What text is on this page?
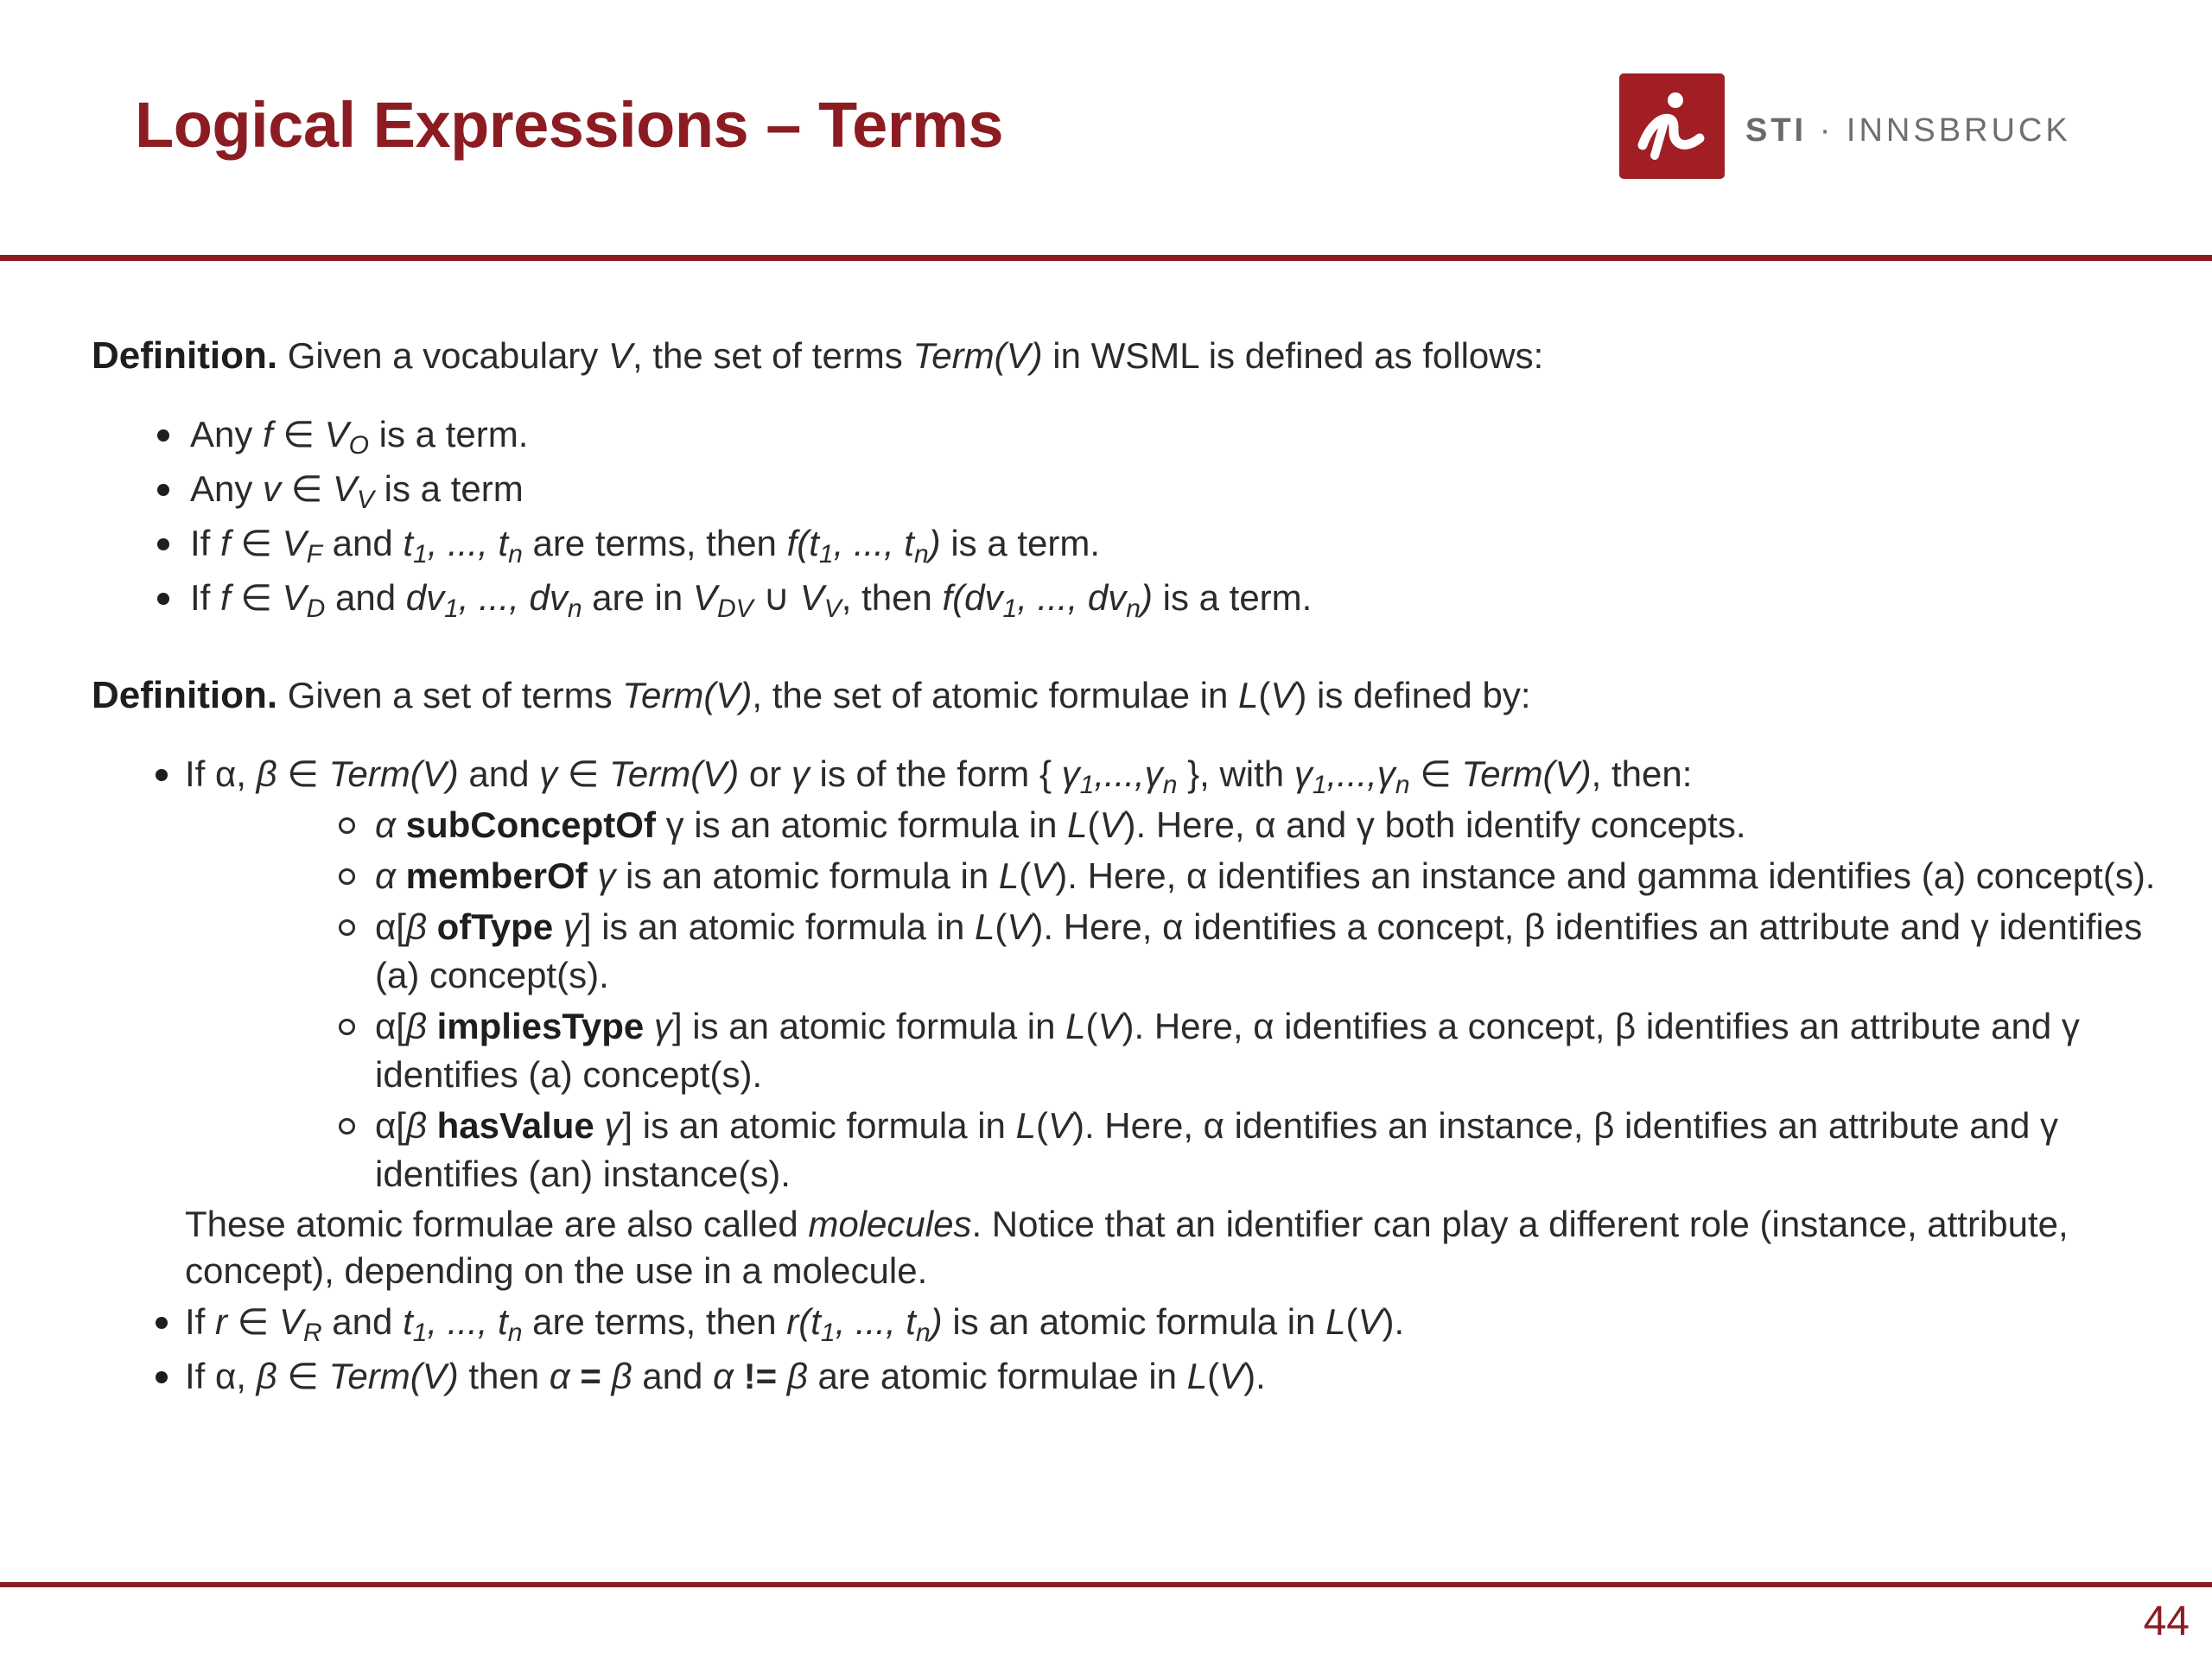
Logical Expressions – Terms	STI · INNSBRUCK

Definition. Given a vocabulary V, the set of terms Term(V) in WSML is defined as follows:

Any f ∈ $V_O$ is a term.
Any v ∈ $V_V$ is a term
If f ∈ $V_F$ and $t_1$, ..., $t_n$ are terms, then $f(t_1$, ..., $t_n$) is a term.
If f ∈ $V_D$ and $dv_1$, ..., $dv_n$ are in $V_{DV}$ ∪ $V_V$, then $f(dv_1$, ..., $dv_n$) is a term.

Definition. Given a set of terms Term(V), the set of atomic formulae in L(V) is defined by:

If α, β ∈ Term(V) and γ ∈ Term(V) or γ is of the form { $\gamma_1,...,\gamma_n$ }, with $\gamma_1,...,\gamma_n$ ∈ Term(V), then:
α subConceptOf γ is an atomic formula in L(V). Here, α and γ both identify concepts.
α memberOf γ is an atomic formula in L(V). Here, α identifies an instance and gamma identifies (a) concept(s).
α[β ofType γ] is an atomic formula in L(V). Here, α identifies a concept, β identifies an attribute and γ identifies (a) concept(s).
α[β impliesType γ] is an atomic formula in L(V). Here, α identifies a concept, β identifies an attribute and γ identifies (a) concept(s).
α[β hasValue γ] is an atomic formula in L(V). Here, α identifies an instance, β identifies an attribute and γ identifies (an) instance(s).
These atomic formulae are also called molecules. Notice that an identifier can play a different role (instance, attribute, concept), depending on the use in a molecule.
If r ∈ $V_R$ and $t_1$, ..., $t_n$ are terms, then $r(t_1$, ..., $t_n$) is an atomic formula in L(V).
If α, β ∈ Term(V) then α = β and α != β are atomic formulae in L(V).
44
